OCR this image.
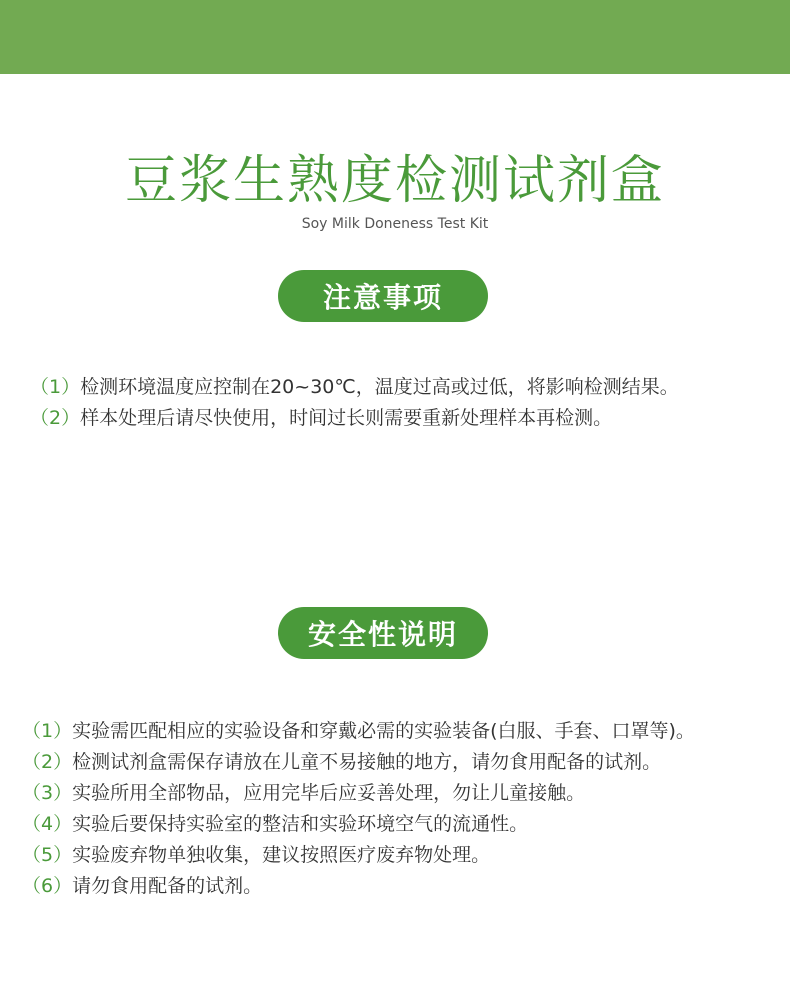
豆浆生熟度检测试剂盒
Soy Milk Doneness Test Kit
注意事项
（1）检测环境温度应控制在20~30℃，温度过高或过低，将影响检测结果。
（2）样本处理后请尽快使用，时间过长则需要重新处理样本再检测。
安全性说明
（1）实验需匹配相应的实验设备和穿戴必需的实验装备(白服、手套、口罩等)。
（2）检测试剂盒需保存请放在儿童不易接触的地方，请勿食用配备的试剂。
（3）实验所用全部物品，应用完毕后应妥善处理，勿让儿童接触。
（4）实验后要保持实验室的整洁和实验环境空气的流通性。
（5）实验废弃物单独收集，建议按照医疗废弃物处理。
（6）请勿食用配备的试剂。
